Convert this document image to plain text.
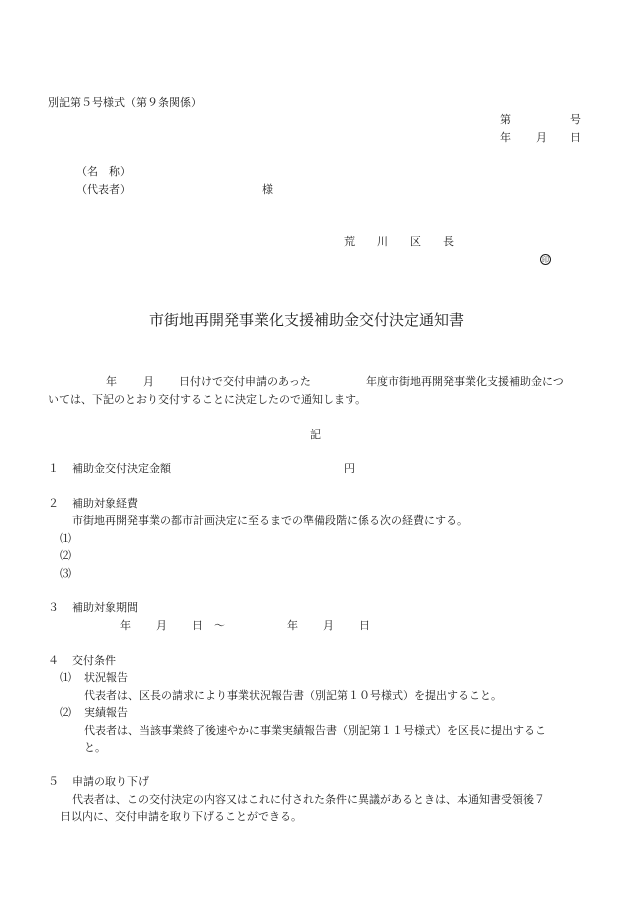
別記第５号様式（第９条関係）
第	号
年 月 日
（名　称）
（代表者）	様
荒　　川　　区　　長
印
市街地再開発事業化支援補助金交付決定通知書
年 月 日付けで交付申請のあった	年度市街地再開発事業化支援補助金につ
いては、下記のとおり交付することに決定したので通知します。
記
１ 補助金交付決定金額	円
２ 補助対象経費
市街地再開発事業の都市計画決定に至るまでの準備段階に係る次の経費にする。
⑴
⑵
⑶
３ 補助対象期間
年 月 日 ～	年 月 日
４ 交付条件
⑴ 状況報告
代表者は、区長の請求により事業状況報告書（別記第１０号様式）を提出すること。
⑵ 実績報告
代表者は、当該事業終了後速やかに事業実績報告書（別記第１１号様式）を区長に提出するこ
と。
５ 申請の取り下げ
代表者は、この交付決定の内容又はこれに付された条件に異議があるときは、本通知書受領後７
日以内に、交付申請を取り下げることができる。
